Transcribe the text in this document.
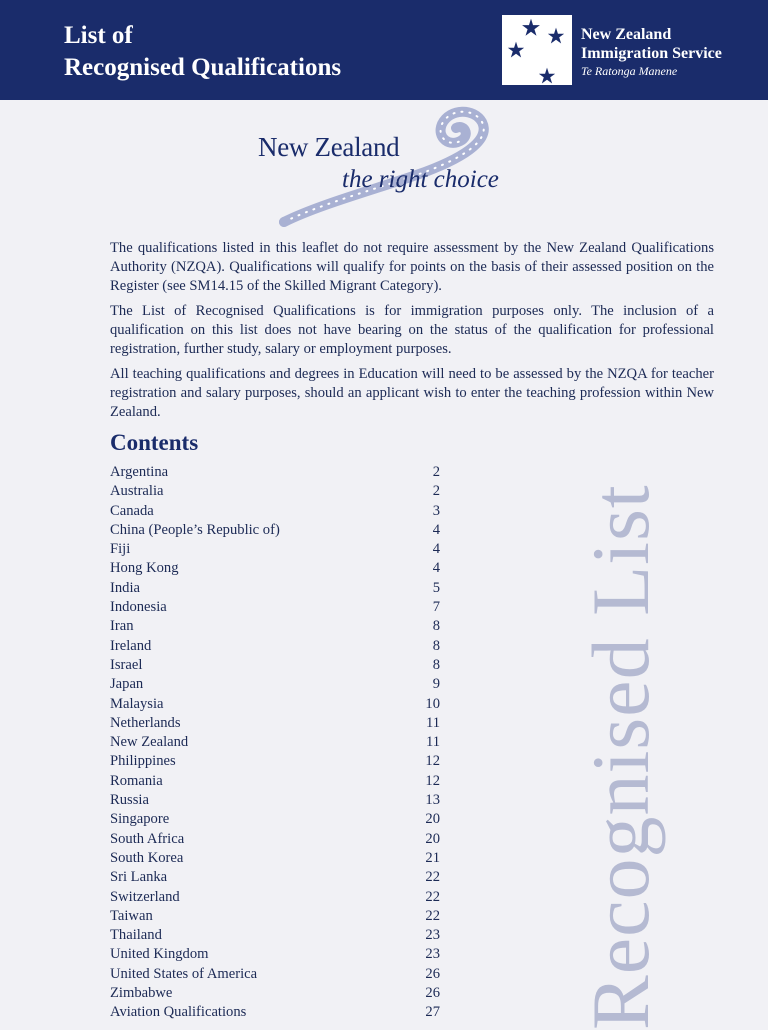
List of
Recognised Qualifications
New Zealand
Immigration Service
Te Ratonga Manene
New Zealand
the right choice

The qualifications listed in this leaflet do not require assessment by the New Zealand Qualifications Authority (NZQA). Qualifications will qualify for points on the basis of their assessed position on the Register (see SM14.15 of the Skilled Migrant Category).

The List of Recognised Qualifications is for immigration purposes only. The inclusion of a qualification on this list does not have bearing on the status of the qualification for professional registration, further study, salary or employment purposes.

All teaching qualifications and degrees in Education will need to be assessed by the NZQA for teacher registration and salary purposes, should an applicant wish to enter the teaching profession within New Zealand.

Contents
Argentina	2
Australia	2
Canada	3
China (People’s Republic of)	4
Fiji	4
Hong Kong	4
India	5
Indonesia	7
Iran	8
Ireland	8
Israel	8
Japan	9
Malaysia	10
Netherlands	11
New Zealand	11
Philippines	12
Romania	12
Russia	13
Singapore	20
South Africa	20
South Korea	21
Sri Lanka	22
Switzerland	22
Taiwan	22
Thailand	23
United Kingdom	23
United States of America	26
Zimbabwe	26
Aviation Qualifications	27 Recognised List
